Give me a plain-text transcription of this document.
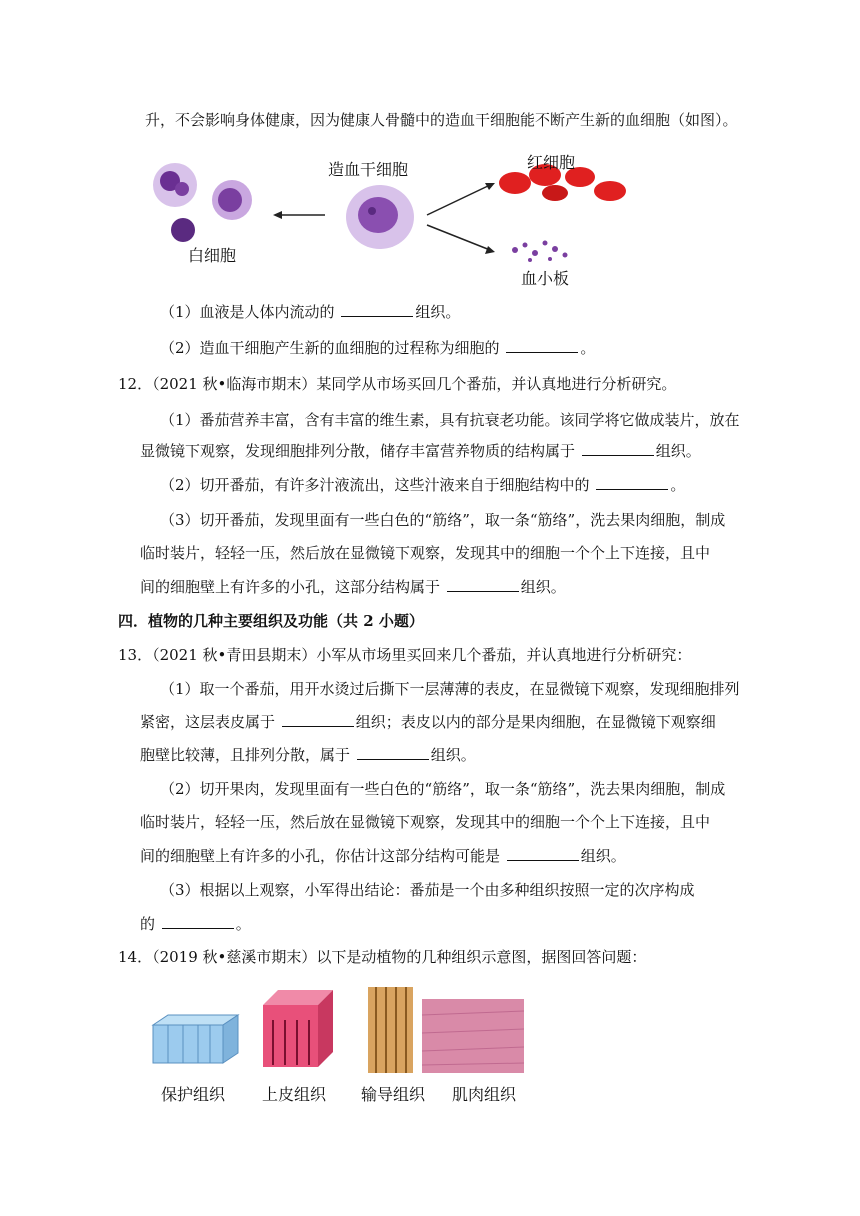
升，不会影响身体健康，因为健康人骨髓中的造血干细胞能不断产生新的血细胞（如图）。
造血干细胞
白细胞
红细胞
血小板
（1）血液是人体内流动的	组织。
（2）造血干细胞产生新的血细胞的过程称为细胞的	。
12．（2021 秋•临海市期末）某同学从市场买回几个番茄，并认真地进行分析研究。
（1）番茄营养丰富，含有丰富的维生素，具有抗衰老功能。该同学将它做成装片，放在
显微镜下观察，发现细胞排列分散，储存丰富营养物质的结构属于	组织。
（2）切开番茄，有许多汁液流出，这些汁液来自于细胞结构中的	。
（3）切开番茄，发现里面有一些白色的“筋络”，取一条“筋络”，洗去果肉细胞，制成
临时装片，轻轻一压，然后放在显微镜下观察，发现其中的细胞一个个上下连接，且中
间的细胞壁上有许多的小孔，这部分结构属于	组织。
四．植物的几种主要组织及功能（共 2 小题）
13．（2021 秋•青田县期末）小军从市场里买回来几个番茄，并认真地进行分析研究：
（1）取一个番茄，用开水烫过后撕下一层薄薄的表皮，在显微镜下观察，发现细胞排列
紧密，这层表皮属于	组织；表皮以内的部分是果肉细胞，在显微镜下观察细
胞壁比较薄，且排列分散，属于	组织。
（2）切开果肉，发现里面有一些白色的“筋络”，取一条“筋络”，洗去果肉细胞，制成
临时装片，轻轻一压，然后放在显微镜下观察，发现其中的细胞一个个上下连接，且中
间的细胞壁上有许多的小孔，你估计这部分结构可能是	组织。
（3）根据以上观察，小军得出结论：番茄是一个由多种组织按照一定的次序构成
的	。
14．（2019 秋•慈溪市期末）以下是动植物的几种组织示意图，据图回答问题：
保护组织 上皮组织 输导组织 肌肉组织
